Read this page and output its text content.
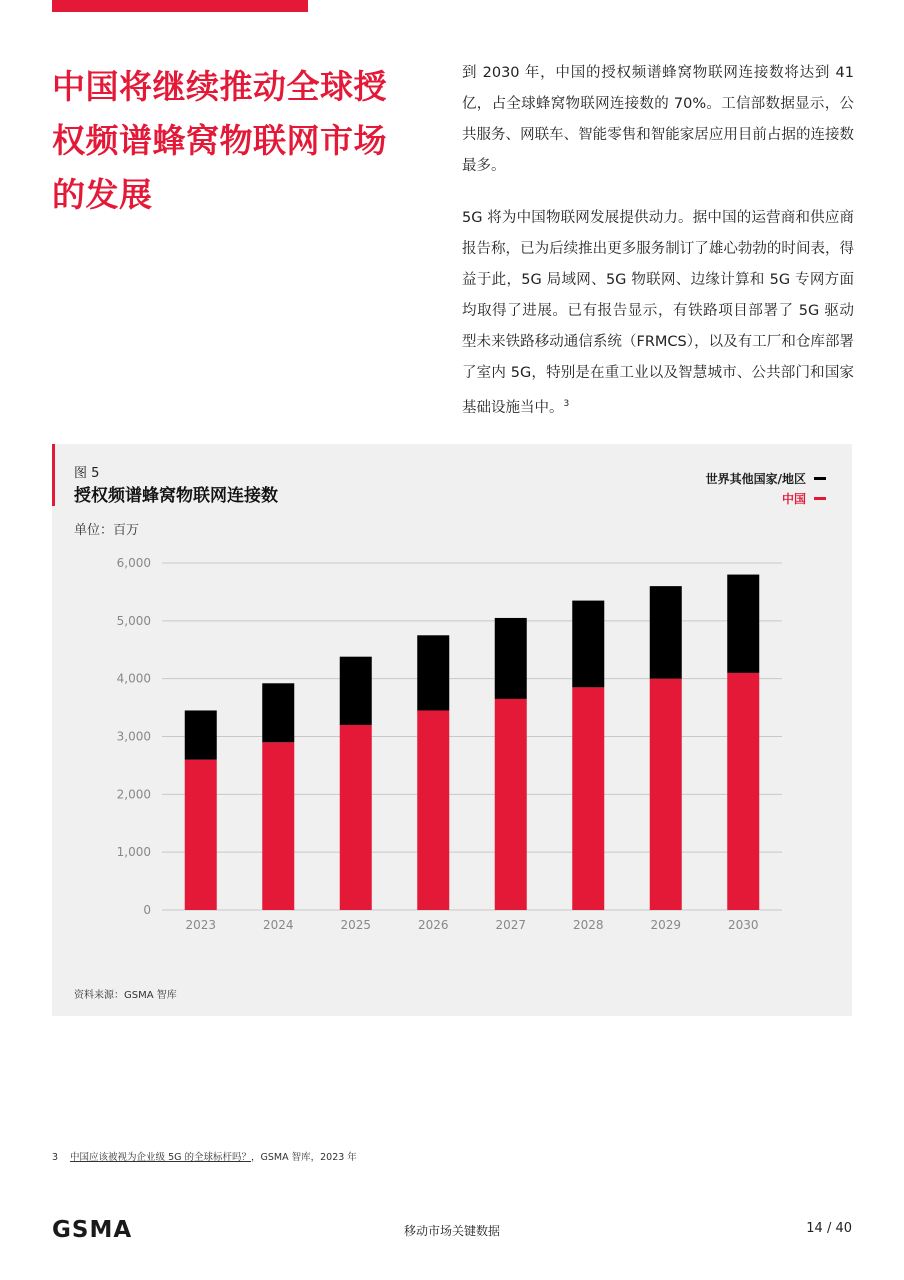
中国将继续推动全球授权频谱蜂窝物联网市场的发展

到 2030 年，中国的授权频谱蜂窝物联网连接数将达到 41 亿，占全球蜂窝物联网连接数的 70%。工信部数据显示，公共服务、网联车、智能零售和智能家居应用目前占据的连接数最多。

5G 将为中国物联网发展提供动力。据中国的运营商和供应商报告称，已为后续推出更多服务制订了雄心勃勃的时间表，得益于此，5G 局域网、5G 物联网、边缘计算和 5G 专网方面均取得了进展。已有报告显示，有铁路项目部署了 5G 驱动型未来铁路移动通信系统（FRMCS），以及有工厂和仓库部署了室内 5G，特别是在重工业以及智慧城市、公共部门和国家基础设施当中。$^3$

图 5
授权频谱蜂窝物联网连接数
单位：百万
世界其他国家/地区
中国
0
1,000
2,000
3,000
4,000
5,000
6,000
2023	2024	2025	2026	2027	2028	2029	2030
资料来源：GSMA 智库
3 中国应该被视为企业级 5G 的全球标杆吗？，GSMA 智库，2023 年
GSMA	移动市场关键数据	14 / 40
